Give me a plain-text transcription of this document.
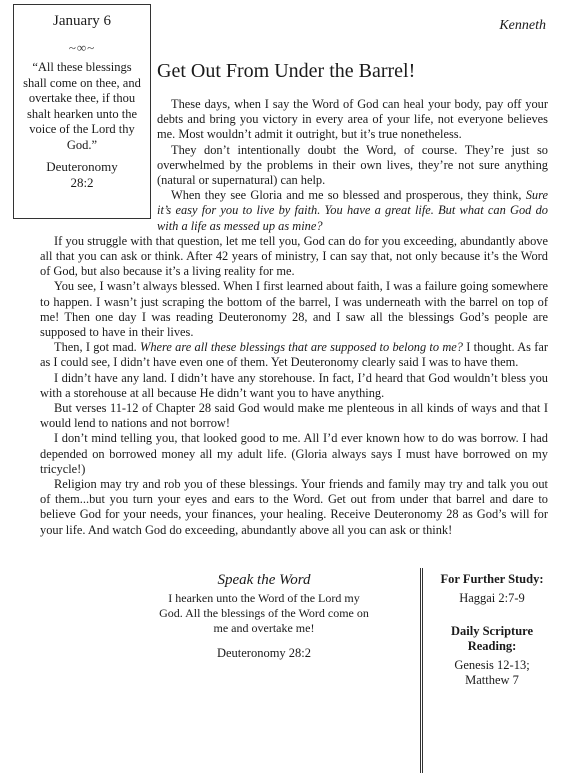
January 6
~∞~
“All these blessings shall come on thee, and overtake thee, if thou shalt hearken unto the voice of the Lord thy God.”
Deuteronomy
28:2
Kenneth
Get Out From Under the Barrel!

These days, when I say the Word of God can heal your body, pay off your debts and bring you victory in every area of your life, not everyone believes me. Most wouldn’t admit it outright, but it’s true nonetheless.

They don’t intentionally doubt the Word, of course. They’re just so overwhelmed by the problems in their own lives, they’re not sure anything (natural or supernatural) can help.

When they see Gloria and me so blessed and prosperous, they think, Sure it’s easy for you to live by faith. You have a great life. But what can God do with a life as messed up as mine?

If you struggle with that question, let me tell you, God can do for you exceeding, abundantly above all that you can ask or think. After 42 years of ministry, I can say that, not only because it’s the Word of God, but also because it’s a living reality for me.

You see, I wasn’t always blessed. When I first learned about faith, I was a failure going somewhere to happen. I wasn’t just scraping the bottom of the barrel, I was underneath with the barrel on top of me! Then one day I was reading Deuteronomy 28, and I saw all the blessings God’s people are supposed to have in their lives.

Then, I got mad. Where are all these blessings that are supposed to belong to me? I thought. As far as I could see, I didn’t have even one of them. Yet Deuteronomy clearly said I was to have them.

I didn’t have any land. I didn’t have any storehouse. In fact, I’d heard that God wouldn’t bless you with a storehouse at all because He didn’t want you to have anything.

But verses 11-12 of Chapter 28 said God would make me plenteous in all kinds of ways and that I would lend to nations and not borrow!

I don’t mind telling you, that looked good to me. All I’d ever known how to do was borrow. I had depended on borrowed money all my adult life. (Gloria always says I must have borrowed on my tricycle!)

Religion may try and rob you of these blessings. Your friends and family may try and talk you out of them...but you turn your eyes and ears to the Word. Get out from under that barrel and dare to believe God for your needs, your finances, your healing. Receive Deuteronomy 28 as God’s will for your life. And watch God do exceeding, abundantly above all you can ask or think!

Speak the Word
I hearken unto the Word of the Lord my God. All the blessings of the Word come on me and overtake me!
Deuteronomy 28:2
For Further Study:
Haggai 2:7-9
Daily Scripture Reading:
Genesis 12-13;
Matthew 7
